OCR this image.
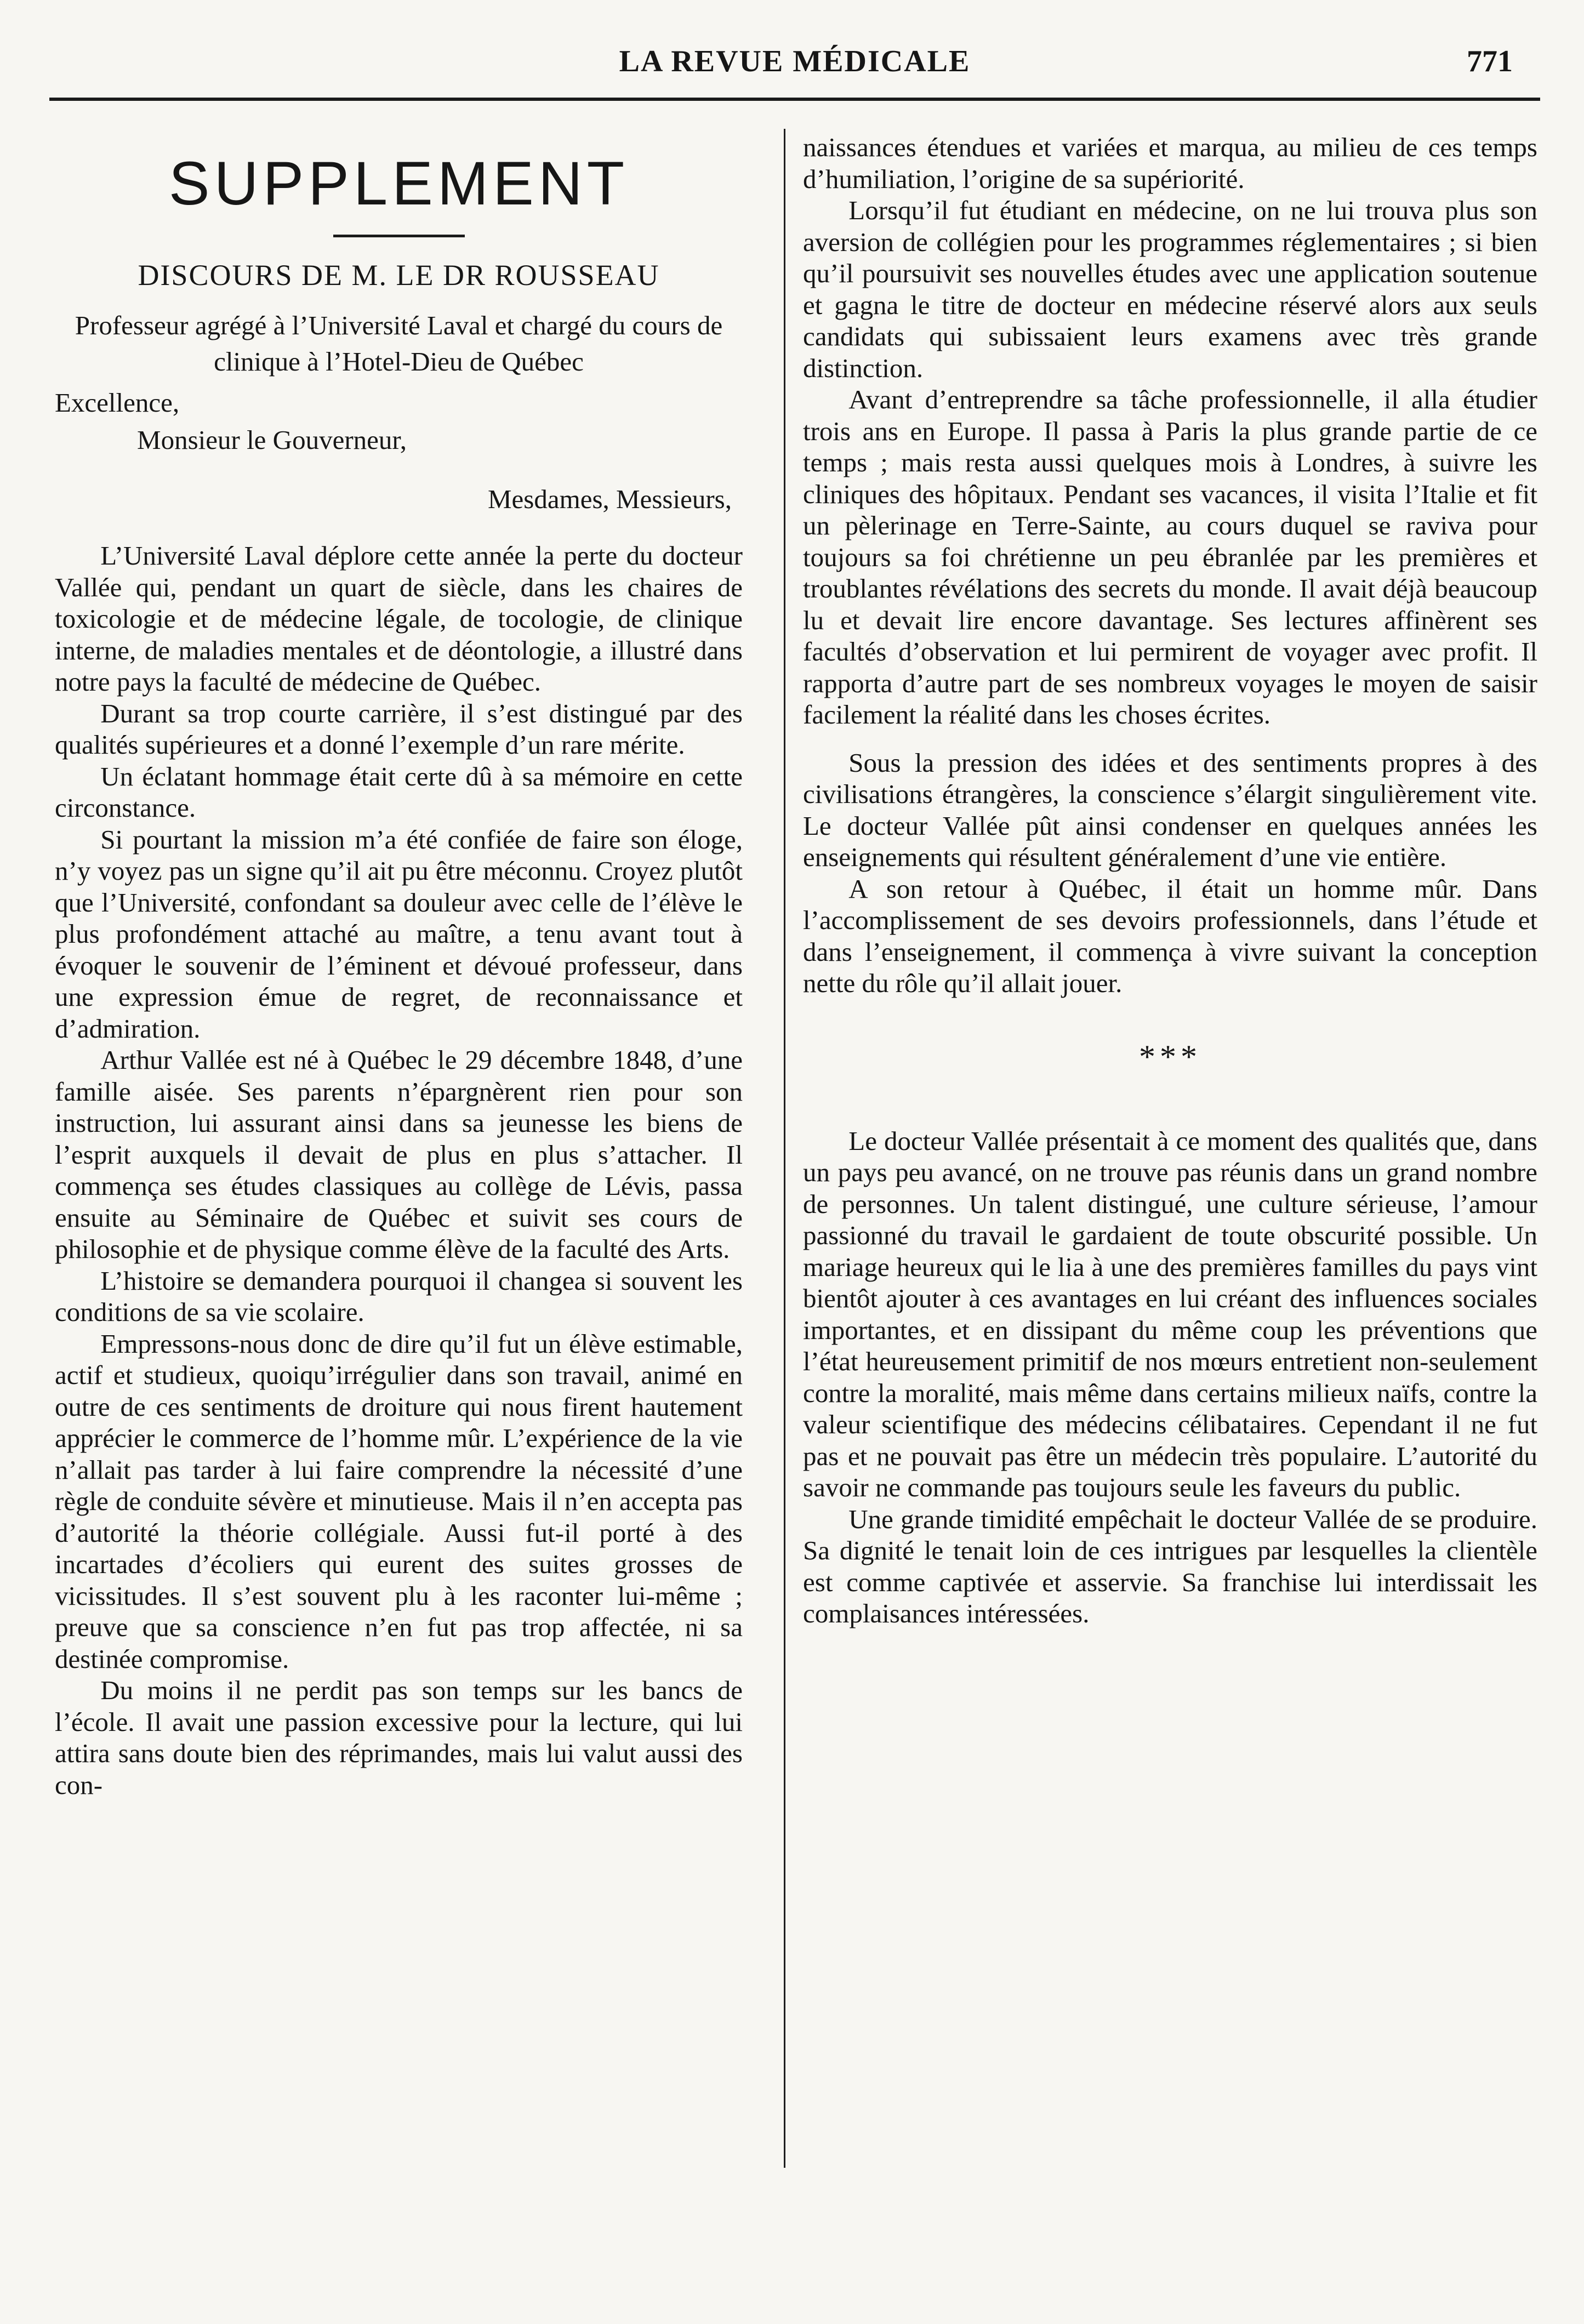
LA REVUE MÉDICALE	771
SUPPLEMENT
DISCOURS DE M. LE DR ROUSSEAU
Professeur agrégé à l’Université Laval et chargé du cours de clinique à l’Hotel-Dieu de Québec
Excellence,
Monsieur le Gouverneur,
Mesdames, Messieurs,

L’Université Laval déplore cette année la perte du docteur Vallée qui, pendant un quart de siècle, dans les chaires de toxicologie et de médecine légale, de tocologie, de clinique interne, de maladies mentales et de déontologie, a illustré dans notre pays la faculté de médecine de Québec.

Durant sa trop courte carrière, il s’est distingué par des qualités supérieures et a donné l’exemple d’un rare mérite.

Un éclatant hommage était certe dû à sa mémoire en cette circonstance.

Si pourtant la mission m’a été confiée de faire son éloge, n’y voyez pas un signe qu’il ait pu être méconnu. Croyez plutôt que l’Université, confondant sa douleur avec celle de l’élève le plus profondément attaché au maître, a tenu avant tout à évoquer le souvenir de l’éminent et dévoué professeur, dans une expression émue de regret, de reconnaissance et d’admiration.

Arthur Vallée est né à Québec le 29 décembre 1848, d’une famille aisée. Ses parents n’épargnèrent rien pour son instruction, lui assurant ainsi dans sa jeunesse les biens de l’esprit auxquels il devait de plus en plus s’attacher. Il commença ses études classiques au collège de Lévis, passa ensuite au Séminaire de Québec et suivit ses cours de philosophie et de physique comme élève de la faculté des Arts.

L’histoire se demandera pourquoi il changea si souvent les conditions de sa vie scolaire.

Empressons-nous donc de dire qu’il fut un élève estimable, actif et studieux, quoiqu’irrégulier dans son travail, animé en outre de ces sentiments de droiture qui nous firent hautement apprécier le commerce de l’homme mûr. L’expérience de la vie n’allait pas tarder à lui faire comprendre la nécessité d’une règle de conduite sévère et minutieuse. Mais il n’en accepta pas d’autorité la théorie collégiale. Aussi fut-il porté à des incartades d’écoliers qui eurent des suites grosses de vicissitudes. Il s’est souvent plu à les raconter lui-même ; preuve que sa conscience n’en fut pas trop affectée, ni sa destinée compromise.

Du moins il ne perdit pas son temps sur les bancs de l’école. Il avait une passion excessive pour la lecture, qui lui attira sans doute bien des réprimandes, mais lui valut aussi des con-

naissances étendues et variées et marqua, au milieu de ces temps d’humiliation, l’origine de sa supériorité.

Lorsqu’il fut étudiant en médecine, on ne lui trouva plus son aversion de collégien pour les programmes réglementaires ; si bien qu’il poursuivit ses nouvelles études avec une application soutenue et gagna le titre de docteur en médecine réservé alors aux seuls candidats qui subissaient leurs examens avec très grande distinction.

Avant d’entreprendre sa tâche professionnelle, il alla étudier trois ans en Europe. Il passa à Paris la plus grande partie de ce temps ; mais resta aussi quelques mois à Londres, à suivre les cliniques des hôpitaux. Pendant ses vacances, il visita l’Italie et fit un pèlerinage en Terre-Sainte, au cours duquel se raviva pour toujours sa foi chrétienne un peu ébranlée par les premières et troublantes révélations des secrets du monde. Il avait déjà beaucoup lu et devait lire encore davantage. Ses lectures affinèrent ses facultés d’observation et lui permirent de voyager avec profit. Il rapporta d’autre part de ses nombreux voyages le moyen de saisir facilement la réalité dans les choses écrites.

Sous la pression des idées et des sentiments propres à des civilisations étrangères, la conscience s’élargit singulièrement vite. Le docteur Vallée pût ainsi condenser en quelques années les enseignements qui résultent généralement d’une vie entière.

A son retour à Québec, il était un homme mûr. Dans l’accomplissement de ses devoirs professionnels, dans l’étude et dans l’enseignement, il commença à vivre suivant la conception nette du rôle qu’il allait jouer.

***

Le docteur Vallée présentait à ce moment des qualités que, dans un pays peu avancé, on ne trouve pas réunis dans un grand nombre de personnes. Un talent distingué, une culture sérieuse, l’amour passionné du travail le gardaient de toute obscurité possible. Un mariage heureux qui le lia à une des premières familles du pays vint bientôt ajouter à ces avantages en lui créant des influences sociales importantes, et en dissipant du même coup les préventions que l’état heureusement primitif de nos mœurs entretient non-seulement contre la moralité, mais même dans certains milieux naïfs, contre la valeur scientifique des médecins célibataires. Cependant il ne fut pas et ne pouvait pas être un médecin très populaire. L’autorité du savoir ne commande pas toujours seule les faveurs du public.

Une grande timidité empêchait le docteur Vallée de se produire. Sa dignité le tenait loin de ces intrigues par lesquelles la clientèle est comme captivée et asservie. Sa franchise lui interdissait les complaisances intéressées.
